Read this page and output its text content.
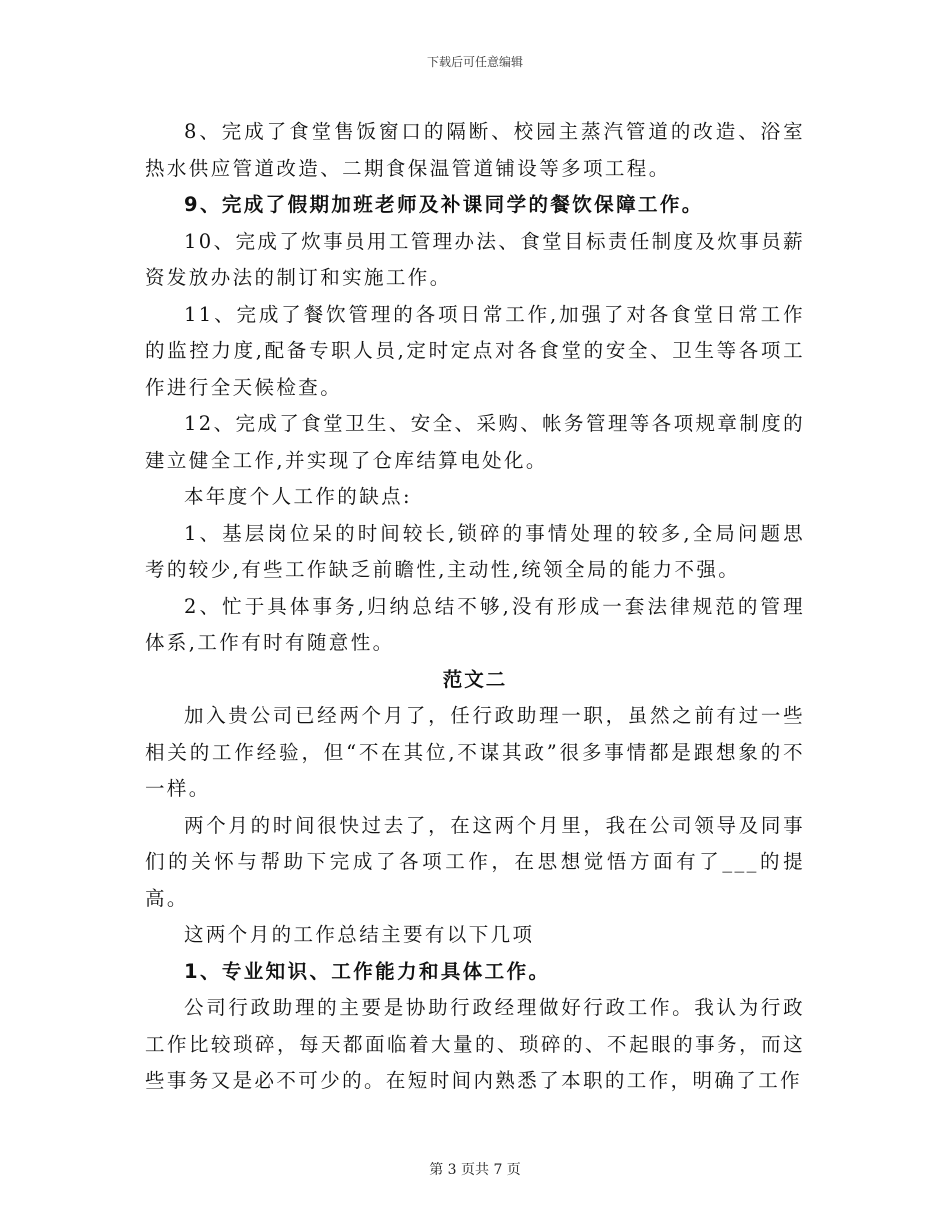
下载后可任意编辑

8、完成了食堂售饭窗口的隔断、校园主蒸汽管道的改造、浴室热水供应管道改造、二期食保温管道铺设等多项工程。

9、完成了假期加班老师及补课同学的餐饮保障工作。

10、完成了炊事员用工管理办法、食堂目标责任制度及炊事员薪资发放办法的制订和实施工作。

11、完成了餐饮管理的各项日常工作,加强了对各食堂日常工作的监控力度,配备专职人员,定时定点对各食堂的安全、卫生等各项工作进行全天候检查。

12、完成了食堂卫生、安全、采购、帐务管理等各项规章制度的建立健全工作,并实现了仓库结算电处化。

本年度个人工作的缺点:

1、基层岗位呆的时间较长,锁碎的事情处理的较多,全局问题思考的较少,有些工作缺乏前瞻性,主动性,统领全局的能力不强。

2、忙于具体事务,归纳总结不够,没有形成一套法律规范的管理体系,工作有时有随意性。

范文二

加入贵公司已经两个月了，任行政助理一职，虽然之前有过一些相关的工作经验，但“不在其位,不谋其政”很多事情都是跟想象的不一样。

两个月的时间很快过去了，在这两个月里，我在公司领导及同事们的关怀与帮助下完成了各项工作，在思想觉悟方面有了___的提高。

这两个月的工作总结主要有以下几项

1、专业知识、工作能力和具体工作。

公司行政助理的主要是协助行政经理做好行政工作。我认为行政工作比较琐碎，每天都面临着大量的、琐碎的、不起眼的事务，而这些事务又是必不可少的。在短时间内熟悉了本职的工作，明确了工作

第 3 页共 7 页
